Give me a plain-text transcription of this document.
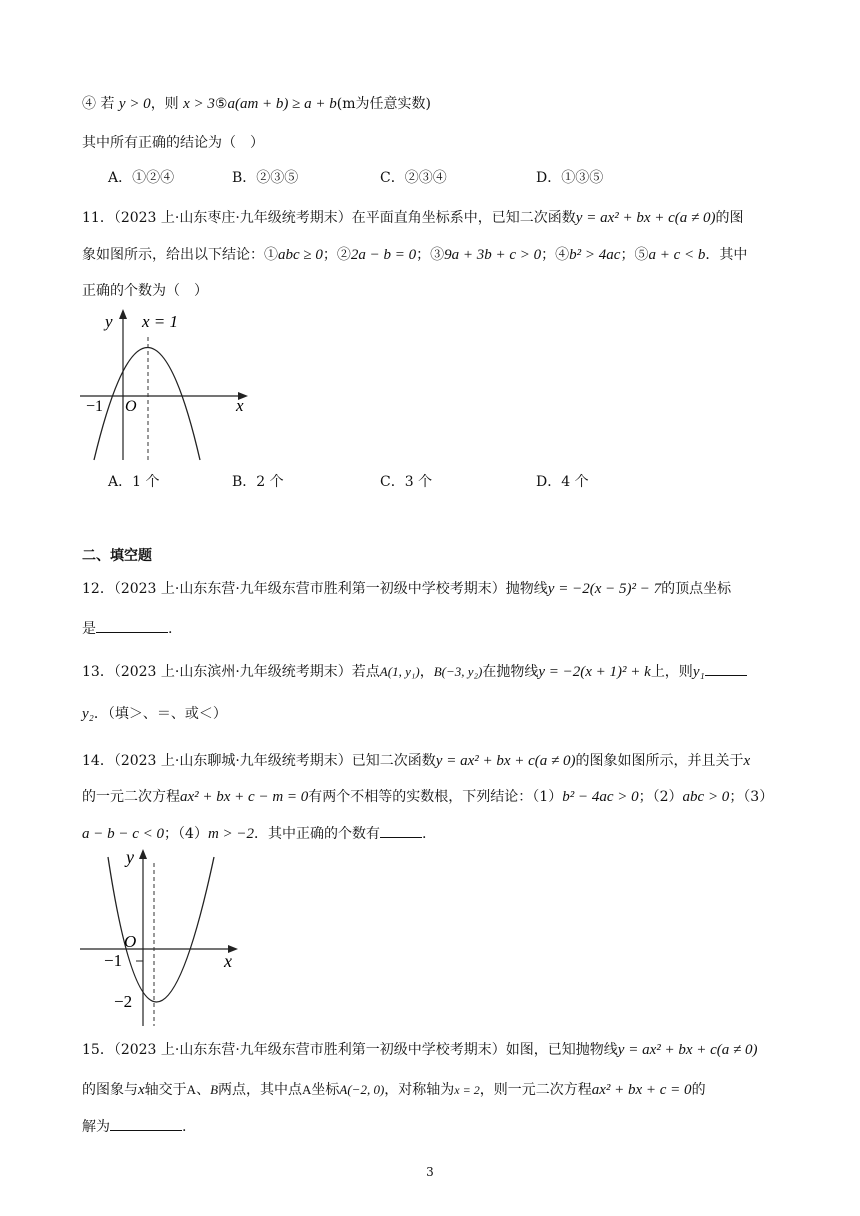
④ 若 y > 0，则 x > 3⑤a(am + b) ≥ a + b(m为任意实数)
其中所有正确的结论为（　）
A．①②④	B．②③⑤	C．②③④	D．①③⑤
11．（2023 上·山东枣庄·九年级统考期末）在平面直角坐标系中，已知二次函数y = ax² + bx + c(a ≠ 0)的图
象如图所示，给出以下结论：①abc ≥ 0；②2a − b = 0；③9a + 3b + c > 0；④b² > 4ac；⑤a + c < b．其中
正确的个数为（　）
y x = 1
x
O
−1
A．1 个	B．2 个	C．3 个	D．4 个
二、填空题
12．（2023 上·山东东营·九年级东营市胜利第一初级中学校考期末）抛物线y = −2(x − 5)² − 7的顶点坐标
是	.
13．（2023 上·山东滨州·九年级统考期末）若点A(1, y₁)，B(−3, y₂)在抛物线y = −2(x + 1)² + k上，则y₁
y₂．（填＞、＝、或＜）
14．（2023 上·山东聊城·九年级统考期末）已知二次函数y = ax² + bx + c(a ≠ 0)的图象如图所示，并且关于x
的一元二次方程ax² + bx + c − m = 0有两个不相等的实数根，下列结论：（1）b² − 4ac > 0；（2）abc > 0；（3）
a − b − c < 0；（4）m > −2．其中正确的个数有	.
y
x
O
−1
−2
15．（2023 上·山东东营·九年级东营市胜利第一初级中学校考期末）如图，已知抛物线y = ax² + bx + c(a ≠ 0)
的图象与x轴交于A、B两点，其中点A坐标A(−2, 0)，对称轴为x = 2，则一元二次方程ax² + bx + c = 0的
解为	.
3
